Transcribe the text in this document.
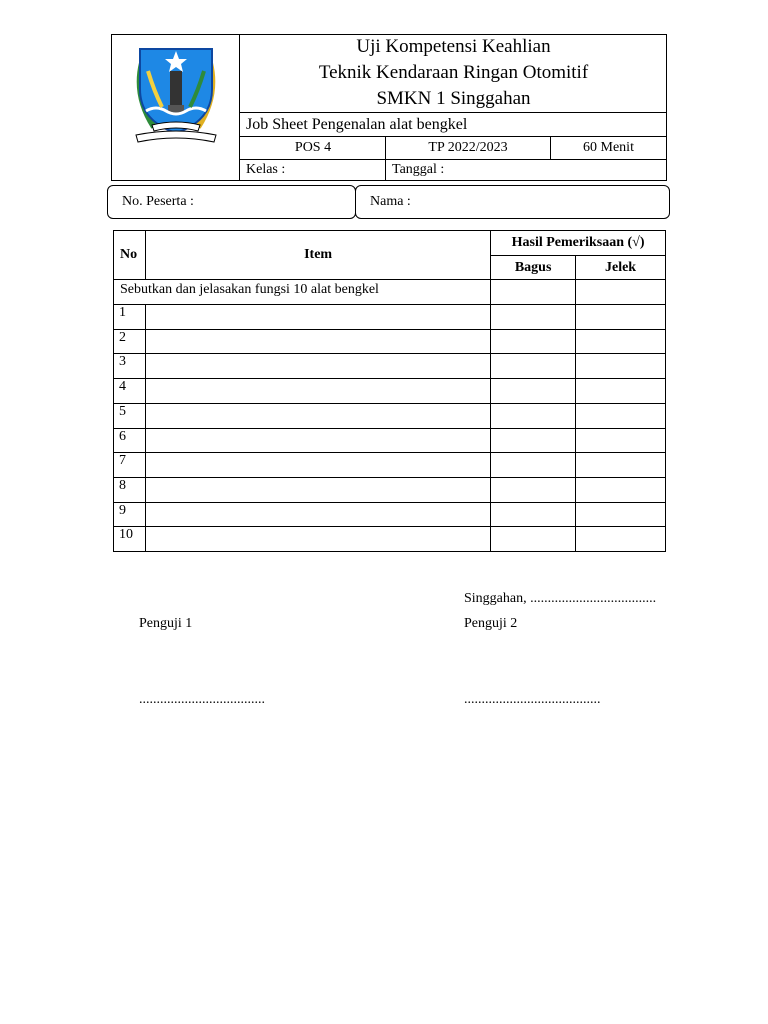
Uji Kompetensi Keahlian
Teknik Kendaraan Ringan Otomitif
SMKN 1 Singgahan
Job Sheet Pengenalan alat bengkel
POS 4	TP 2022/2023	60 Menit
Kelas :	Tanggal :
No. Peserta :	Nama :
No	Item	Hasil Pemeriksaan (√)	
		Bagus	Jelek
Sebutkan dan jelasakan fungsi 10 alat bengkel			
1			
2			
3			
4			
5			
6			
7			
8			
9			
10			
Singgahan, ....................................
Penguji 1	Penguji 2
....................................	.......................................
